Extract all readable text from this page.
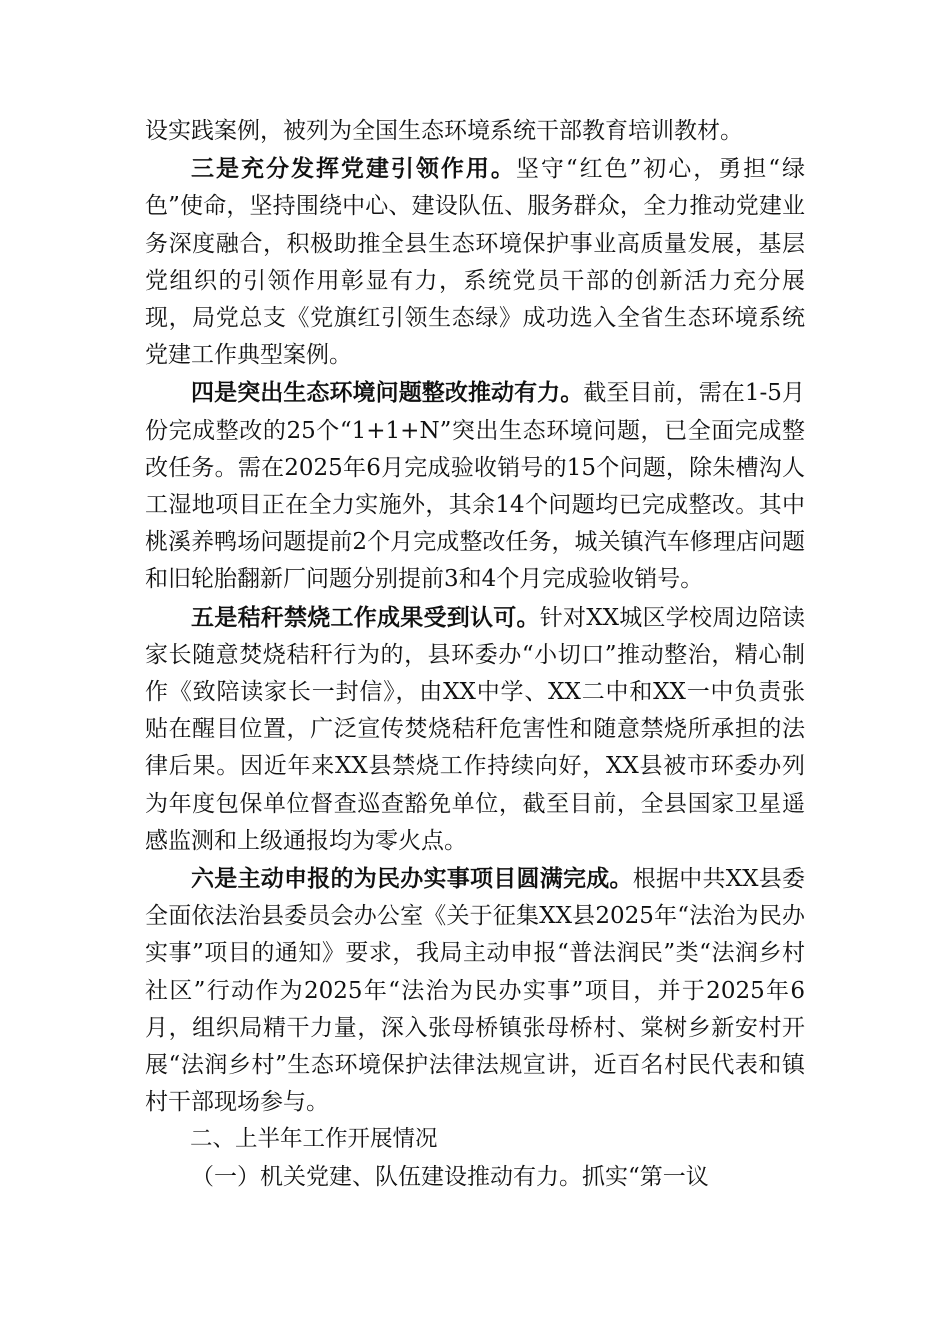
设实践案例，被列为全国生态环境系统干部教育培训教材。

三是充分发挥党建引领作用。坚守“红色”初心，勇担“绿色”使命，坚持围绕中心、建设队伍、服务群众，全力推动党建业务深度融合，积极助推全县生态环境保护事业高质量发展，基层党组织的引领作用彰显有力，系统党员干部的创新活力充分展现，局党总支《党旗红引领生态绿》成功选入全省生态环境系统党建工作典型案例。

四是突出生态环境问题整改推动有力。截至目前，需在1-5月份完成整改的25个“1+1+N”突出生态环境问题，已全面完成整改任务。需在2025年6月完成验收销号的15个问题，除朱槽沟人工湿地项目正在全力实施外，其余14个问题均已完成整改。其中桃溪养鸭场问题提前2个月完成整改任务，城关镇汽车修理店问题和旧轮胎翻新厂问题分别提前3和4个月完成验收销号。

五是秸秆禁烧工作成果受到认可。针对XX城区学校周边陪读家长随意焚烧秸秆行为的，县环委办“小切口”推动整治，精心制作《致陪读家长一封信》，由XX中学、XX二中和XX一中负责张贴在醒目位置，广泛宣传焚烧秸秆危害性和随意禁烧所承担的法律后果。因近年来XX县禁烧工作持续向好，XX县被市环委办列为年度包保单位督查巡查豁免单位，截至目前，全县国家卫星遥感监测和上级通报均为零火点。

六是主动申报的为民办实事项目圆满完成。根据中共XX县委全面依法治县委员会办公室《关于征集XX县2025年“法治为民办实事”项目的通知》要求，我局主动申报“普法润民”类“法润乡村社区”行动作为2025年“法治为民办实事”项目，并于2025年6月，组织局精干力量，深入张母桥镇张母桥村、棠树乡新安村开展“法润乡村”生态环境保护法律法规宣讲，近百名村民代表和镇村干部现场参与。

二、上半年工作开展情况

（一）机关党建、队伍建设推动有力。抓实“第一议
